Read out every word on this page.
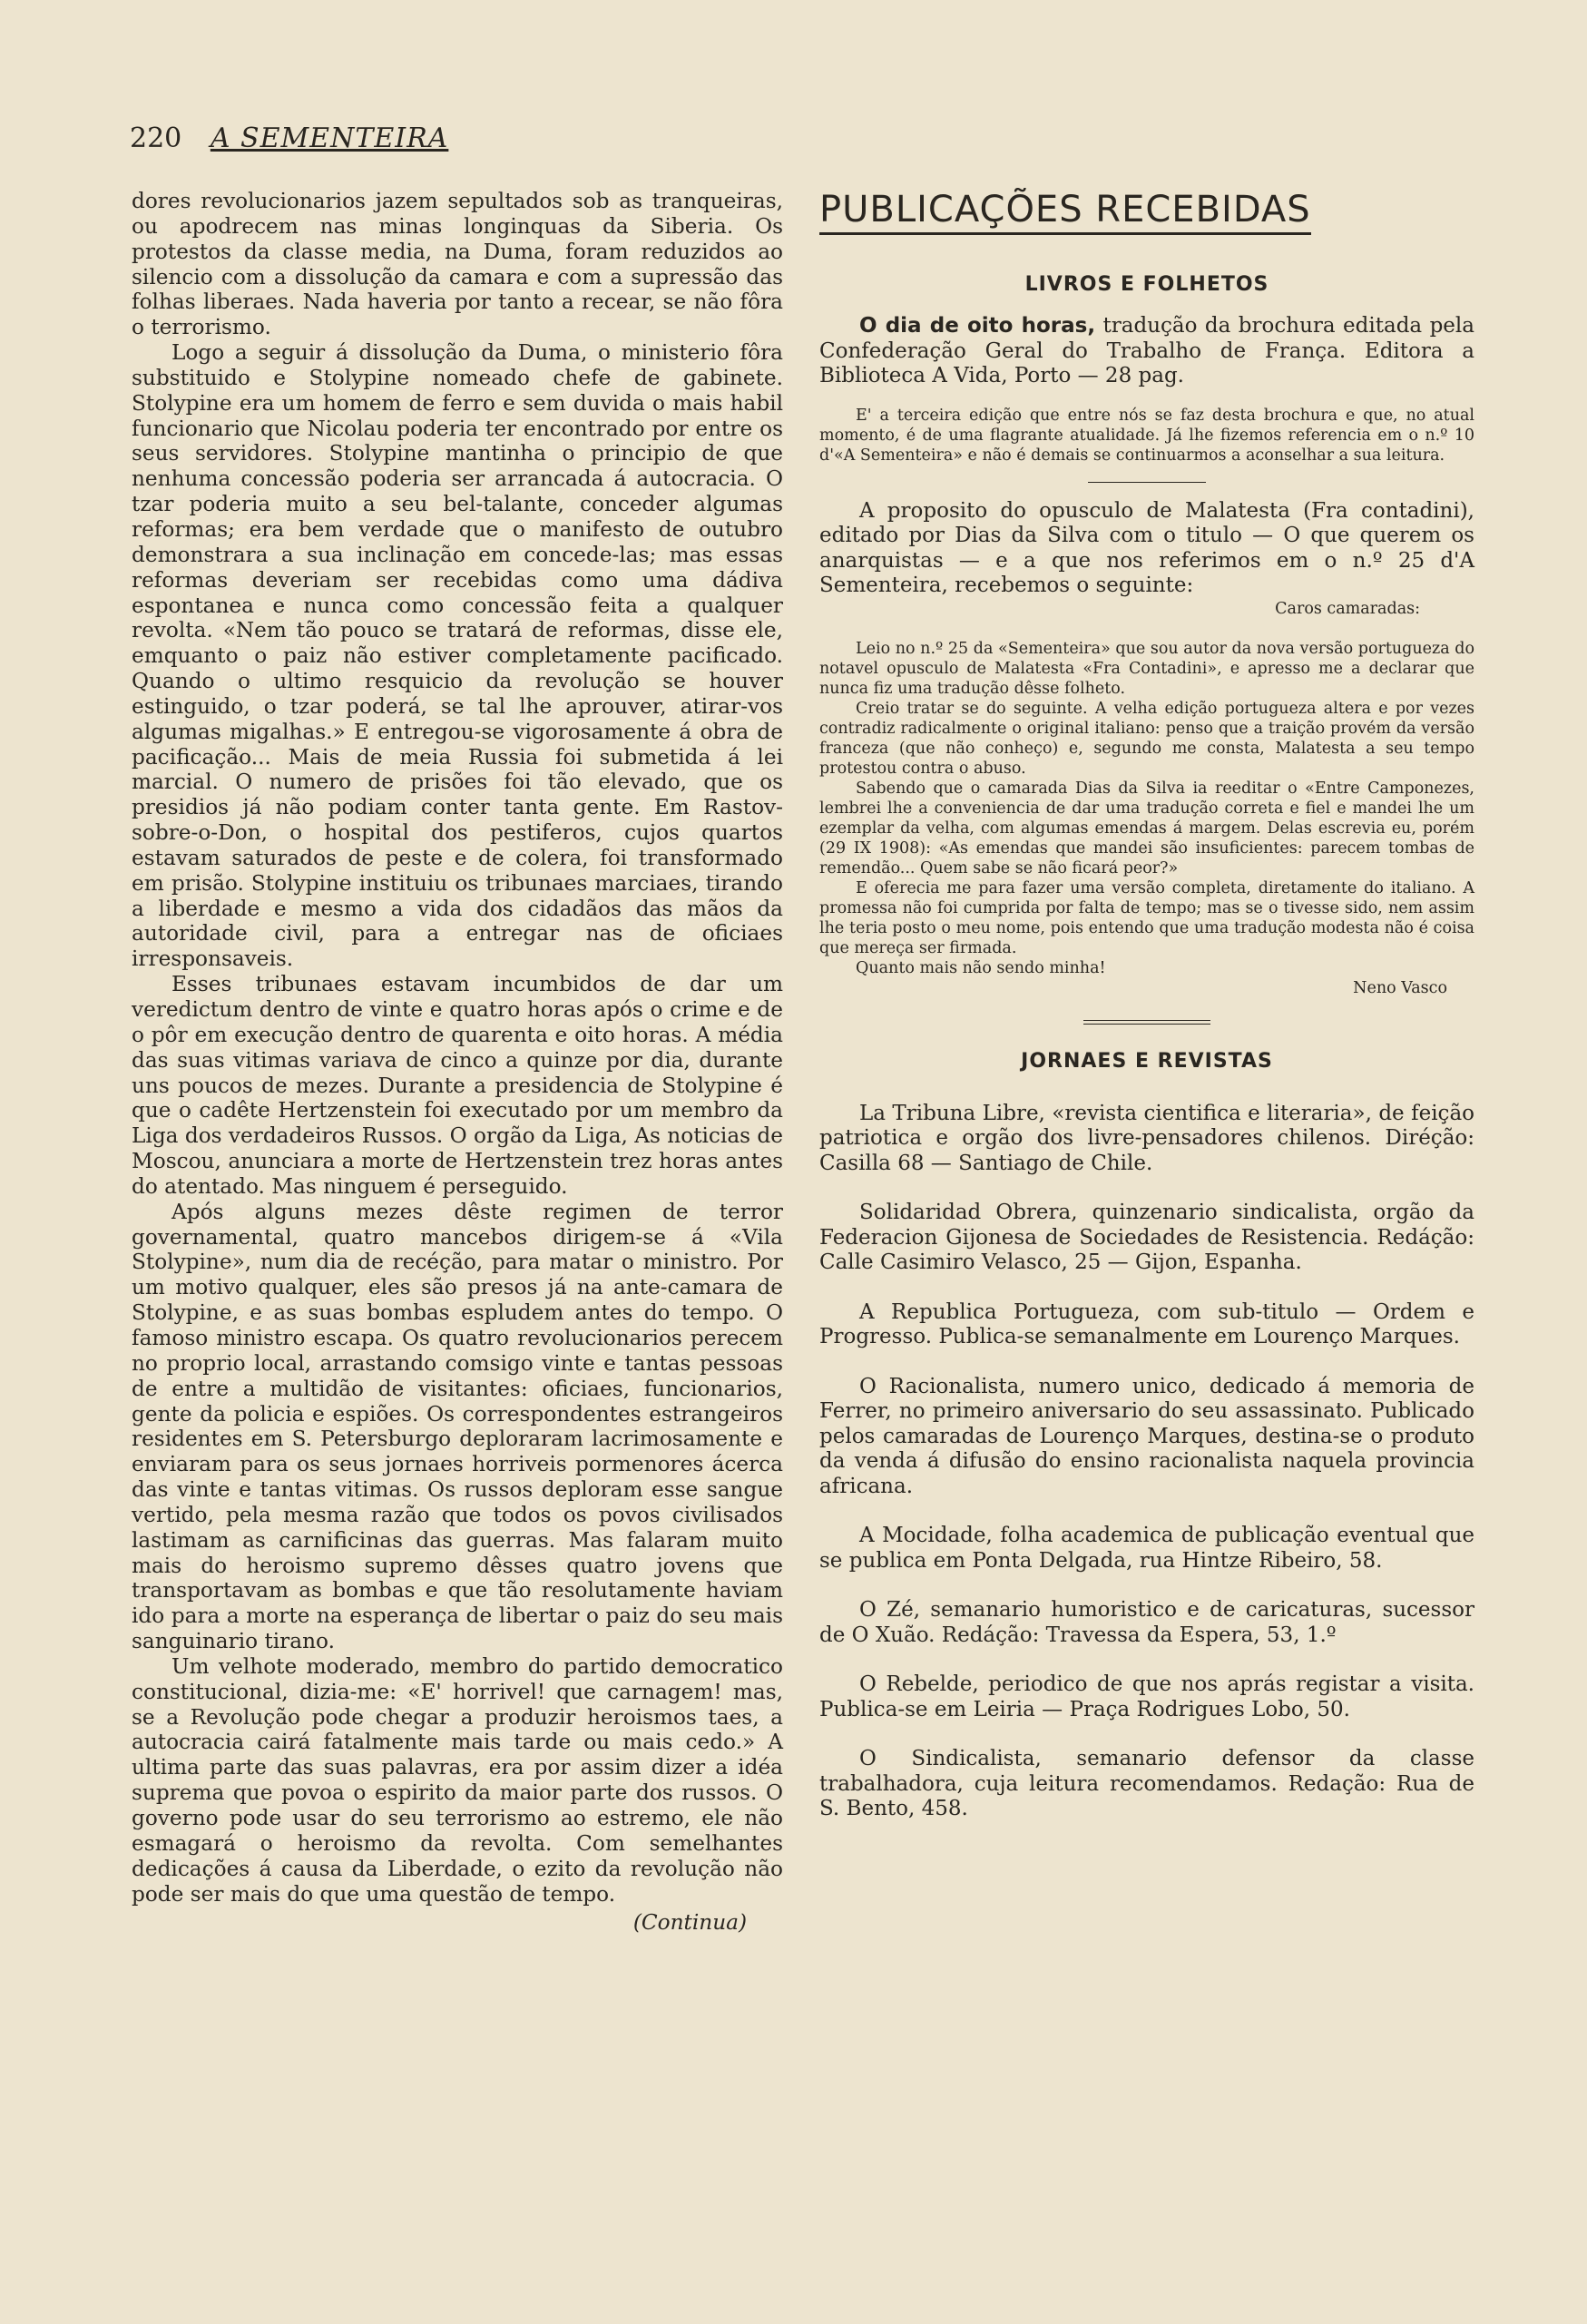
220 A SEMENTEIRA

dores revolucionarios jazem sepultados sob as tranqueiras, ou apodrecem nas minas longinquas da Siberia. Os protestos da classe media, na Duma, foram reduzidos ao silencio com a dissolução da camara e com a supressão das folhas liberaes. Nada haveria por tanto a recear, se não fôra o terrorismo.

Logo a seguir á dissolução da Duma, o ministerio fôra substituido e Stolypine nomeado chefe de gabinete. Stolypine era um homem de ferro e sem duvida o mais habil funcionario que Nicolau poderia ter encontrado por entre os seus servidores. Stolypine mantinha o principio de que nenhuma concessão poderia ser arrancada á autocracia. O tzar poderia muito a seu bel-talante, conceder algumas reformas; era bem verdade que o manifesto de outubro demonstrara a sua inclinação em concede-las; mas essas reformas deveriam ser recebidas como uma dádiva espontanea e nunca como concessão feita a qualquer revolta. «Nem tão pouco se tratará de reformas, disse ele, emquanto o paiz não estiver completamente pacificado. Quando o ultimo resquicio da revolução se houver estinguido, o tzar poderá, se tal lhe aprouver, atirar-vos algumas migalhas.» E entregou-se vigorosamente á obra de pacificação... Mais de meia Russia foi submetida á lei marcial. O numero de prisões foi tão elevado, que os presidios já não podiam conter tanta gente. Em Rastov-sobre-o-Don, o hospital dos pestiferos, cujos quartos estavam saturados de peste e de colera, foi transformado em prisão. Stolypine instituiu os tribunaes marciaes, tirando a liberdade e mesmo a vida dos cidadãos das mãos da autoridade civil, para a entregar nas de oficiaes irresponsaveis.

Esses tribunaes estavam incumbidos de dar um veredictum dentro de vinte e quatro horas após o crime e de o pôr em execução dentro de quarenta e oito horas. A média das suas vitimas variava de cinco a quinze por dia, durante uns poucos de mezes. Durante a presidencia de Stolypine é que o cadête Hertzenstein foi executado por um membro da Liga dos verdadeiros Russos. O orgão da Liga, As noticias de Moscou, anunciara a morte de Hertzenstein trez horas antes do atentado. Mas ninguem é perseguido.

Após alguns mezes dêste regimen de terror governamental, quatro mancebos dirigem-se á «Vila Stolypine», num dia de recéção, para matar o ministro. Por um motivo qualquer, eles são presos já na ante-camara de Stolypine, e as suas bombas espludem antes do tempo. O famoso ministro escapa. Os quatro revolucionarios perecem no proprio local, arrastando comsigo vinte e tantas pessoas de entre a multidão de visitantes: oficiaes, funcionarios, gente da policia e espiões. Os correspondentes estrangeiros residentes em S. Petersburgo deploraram lacrimosamente e enviaram para os seus jornaes horriveis pormenores ácerca das vinte e tantas vitimas. Os russos deploram esse sangue vertido, pela mesma razão que todos os povos civilisados lastimam as carnificinas das guerras. Mas falaram muito mais do heroismo supremo dêsses quatro jovens que transportavam as bombas e que tão resolutamente haviam ido para a morte na esperança de libertar o paiz do seu mais sanguinario tirano.

Um velhote moderado, membro do partido democratico constitucional, dizia-me: «E' horrivel! que carnagem! mas, se a Revolução pode chegar a produzir heroismos taes, a autocracia cairá fatalmente mais tarde ou mais cedo.» A ultima parte das suas palavras, era por assim dizer a idéa suprema que povoa o espirito da maior parte dos russos. O governo pode usar do seu terrorismo ao estremo, ele não esmagará o heroismo da revolta. Com semelhantes dedicações á causa da Liberdade, o ezito da revolução não pode ser mais do que uma questão de tempo.

(Continua)
PUBLICAÇÕES RECEBIDAS
LIVROS E FOLHETOS

O dia de oito horas, tradução da brochura editada pela Confederação Geral do Trabalho de França. Editora a Biblioteca A Vida, Porto — 28 pag.

E' a terceira edição que entre nós se faz desta brochura e que, no atual momento, é de uma flagrante atualidade. Já lhe fizemos referencia em o n.º 10 d'«A Sementeira» e não é demais se continuarmos a aconselhar a sua leitura.

A proposito do opusculo de Malatesta (Fra contadini), editado por Dias da Silva com o titulo — O que querem os anarquistas — e a que nos referimos em o n.º 25 d'A Sementeira, recebemos o seguinte:

Caros camaradas:

Leio no n.º 25 da «Sementeira» que sou autor da nova versão portugueza do notavel opusculo de Malatesta «Fra Contadini», e apresso me a declarar que nunca fiz uma tradução dêsse folheto.

Creio tratar se do seguinte. A velha edição portugueza altera e por vezes contradiz radicalmente o original italiano: penso que a traição provém da versão franceza (que não conheço) e, segundo me consta, Malatesta a seu tempo protestou contra o abuso.

Sabendo que o camarada Dias da Silva ia reeditar o «Entre Camponezes, lembrei lhe a conveniencia de dar uma tradução correta e fiel e mandei lhe um ezemplar da velha, com algumas emendas á margem. Delas escrevia eu, porém (29 IX 1908): «As emendas que mandei são insuficientes: parecem tombas de remendão... Quem sabe se não ficará peor?»

E oferecia me para fazer uma versão completa, diretamente do italiano. A promessa não foi cumprida por falta de tempo; mas se o tivesse sido, nem assim lhe teria posto o meu nome, pois entendo que uma tradução modesta não é coisa que mereça ser firmada.

Quanto mais não sendo minha!

Neno Vasco

JORNAES E REVISTAS

La Tribuna Libre, «revista cientifica e literaria», de feição patriotica e orgão dos livre-pensadores chilenos. Diréção: Casilla 68 — Santiago de Chile.

Solidaridad Obrera, quinzenario sindicalista, orgão da Federacion Gijonesa de Sociedades de Resistencia. Redáção: Calle Casimiro Velasco, 25 — Gijon, Espanha.

A Republica Portugueza, com sub-titulo — Ordem e Progresso. Publica-se semanalmente em Lourenço Marques.

O Racionalista, numero unico, dedicado á memoria de Ferrer, no primeiro aniversario do seu assassinato. Publicado pelos camaradas de Lourenço Marques, destina-se o produto da venda á difusão do ensino racionalista naquela provincia africana.

A Mocidade, folha academica de publicação eventual que se publica em Ponta Delgada, rua Hintze Ribeiro, 58.

O Zé, semanario humoristico e de caricaturas, sucessor de O Xuão. Redáção: Travessa da Espera, 53, 1.º

O Rebelde, periodico de que nos aprás registar a visita. Publica-se em Leiria — Praça Rodrigues Lobo, 50.

O Sindicalista, semanario defensor da classe trabalhadora, cuja leitura recomendamos. Redação: Rua de S. Bento, 458.
